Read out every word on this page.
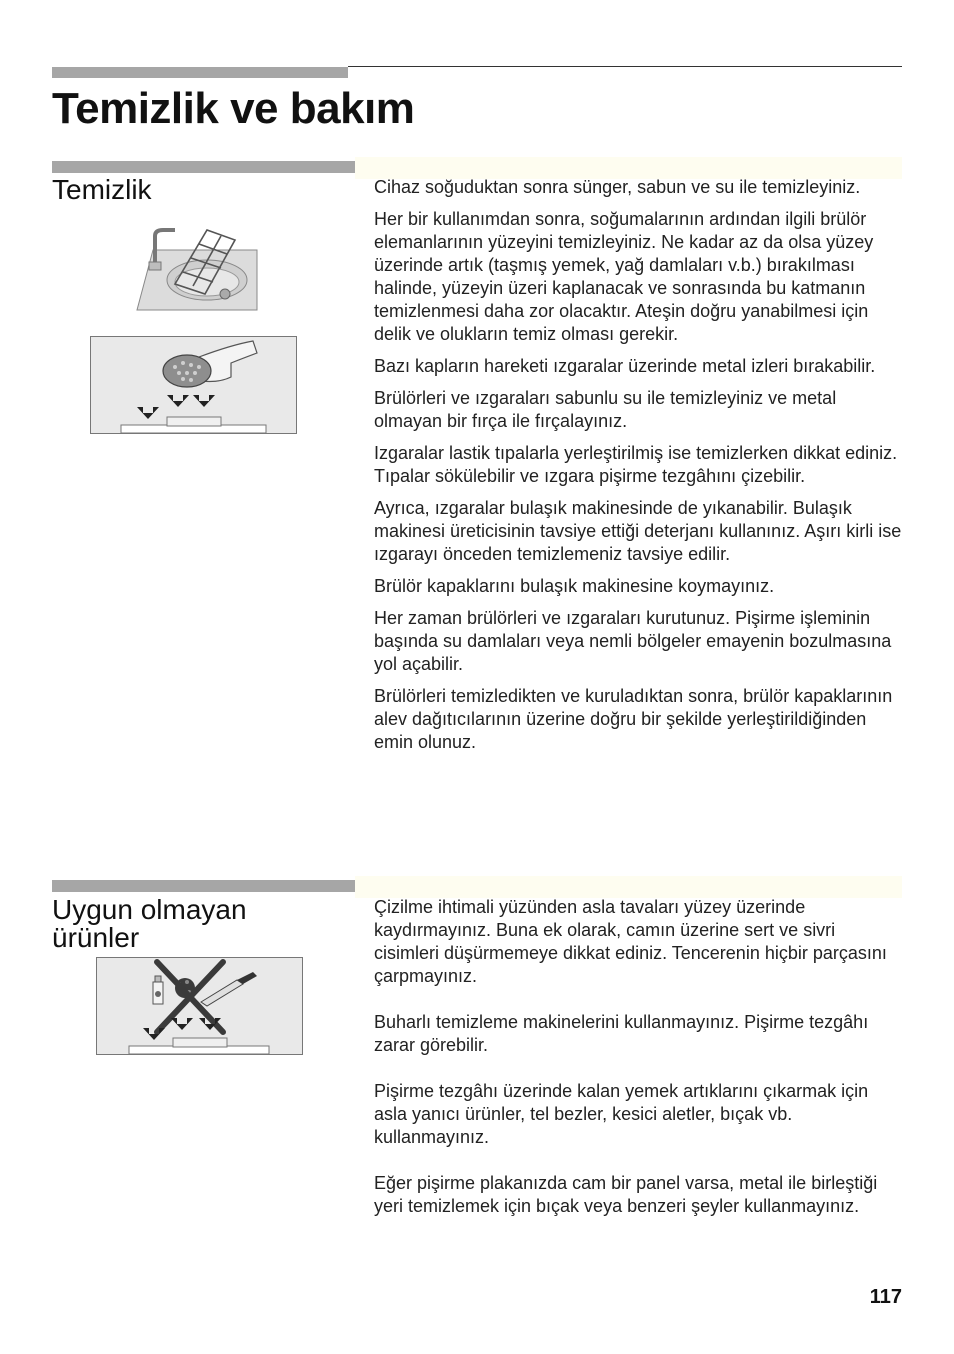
Temizlik ve bakım
Temizlik	Cihaz soğuduktan sonra sünger, sabun ve su ile temizleyiniz.

Her bir kullanımdan sonra, soğumalarının ardından ilgili brülör elemanlarının yüzeyini temizleyiniz. Ne kadar az da olsa yüzey üzerinde artık (taşmış yemek, yağ damlaları v.b.) bırakılması halinde, yüzeyin üzeri kaplanacak ve sonrasında bu katmanın temizlenmesi daha zor olacaktır. Ateşin doğru yanabilmesi için delik ve olukların temiz olması gerekir.

Bazı kapların hareketi ızgaralar üzerinde metal izleri bırakabilir.

Brülörleri ve ızgaraları sabunlu su ile temizleyiniz ve metal olmayan bir fırça ile fırçalayınız.

Izgaralar lastik tıpalarla yerleştirilmiş ise temizlerken dikkat ediniz. Tıpalar sökülebilir ve ızgara pişirme tezgâhını çizebilir.

Ayrıca, ızgaralar bulaşık makinesinde de yıkanabilir. Bulaşık makinesi üreticisinin tavsiye ettiği deterjanı kullanınız. Aşırı kirli ise ızgarayı önceden temizlemeniz tavsiye edilir.

Brülör kapaklarını bulaşık makinesine koymayınız.

Her zaman brülörleri ve ızgaraları kurutunuz. Pişirme işleminin başında su damlaları veya nemli bölgeler emayenin bozulmasına yol açabilir.

Brülörleri temizledikten ve kuruladıktan sonra, brülör kapaklarının alev dağıtıcılarının üzerine doğru bir şekilde yerleştirildiğinden emin olunuz.

Uygun olmayan
ürünler

Çizilme ihtimali yüzünden asla tavaları yüzey üzerinde kaydırmayınız. Buna ek olarak, camın üzerine sert ve sivri cisimleri düşürmemeye dikkat ediniz. Tencerenin hiçbir parçasını çarpmayınız.

Buharlı temizleme makinelerini kullanmayınız. Pişirme tezgâhı zarar görebilir.

Pişirme tezgâhı üzerinde kalan yemek artıklarını çıkarmak için asla yanıcı ürünler, tel bezler, kesici aletler, bıçak vb. kullanmayınız.

Eğer pişirme plakanızda cam bir panel varsa, metal ile birleştiği yeri temizlemek için bıçak veya benzeri şeyler kullanmayınız.

117
